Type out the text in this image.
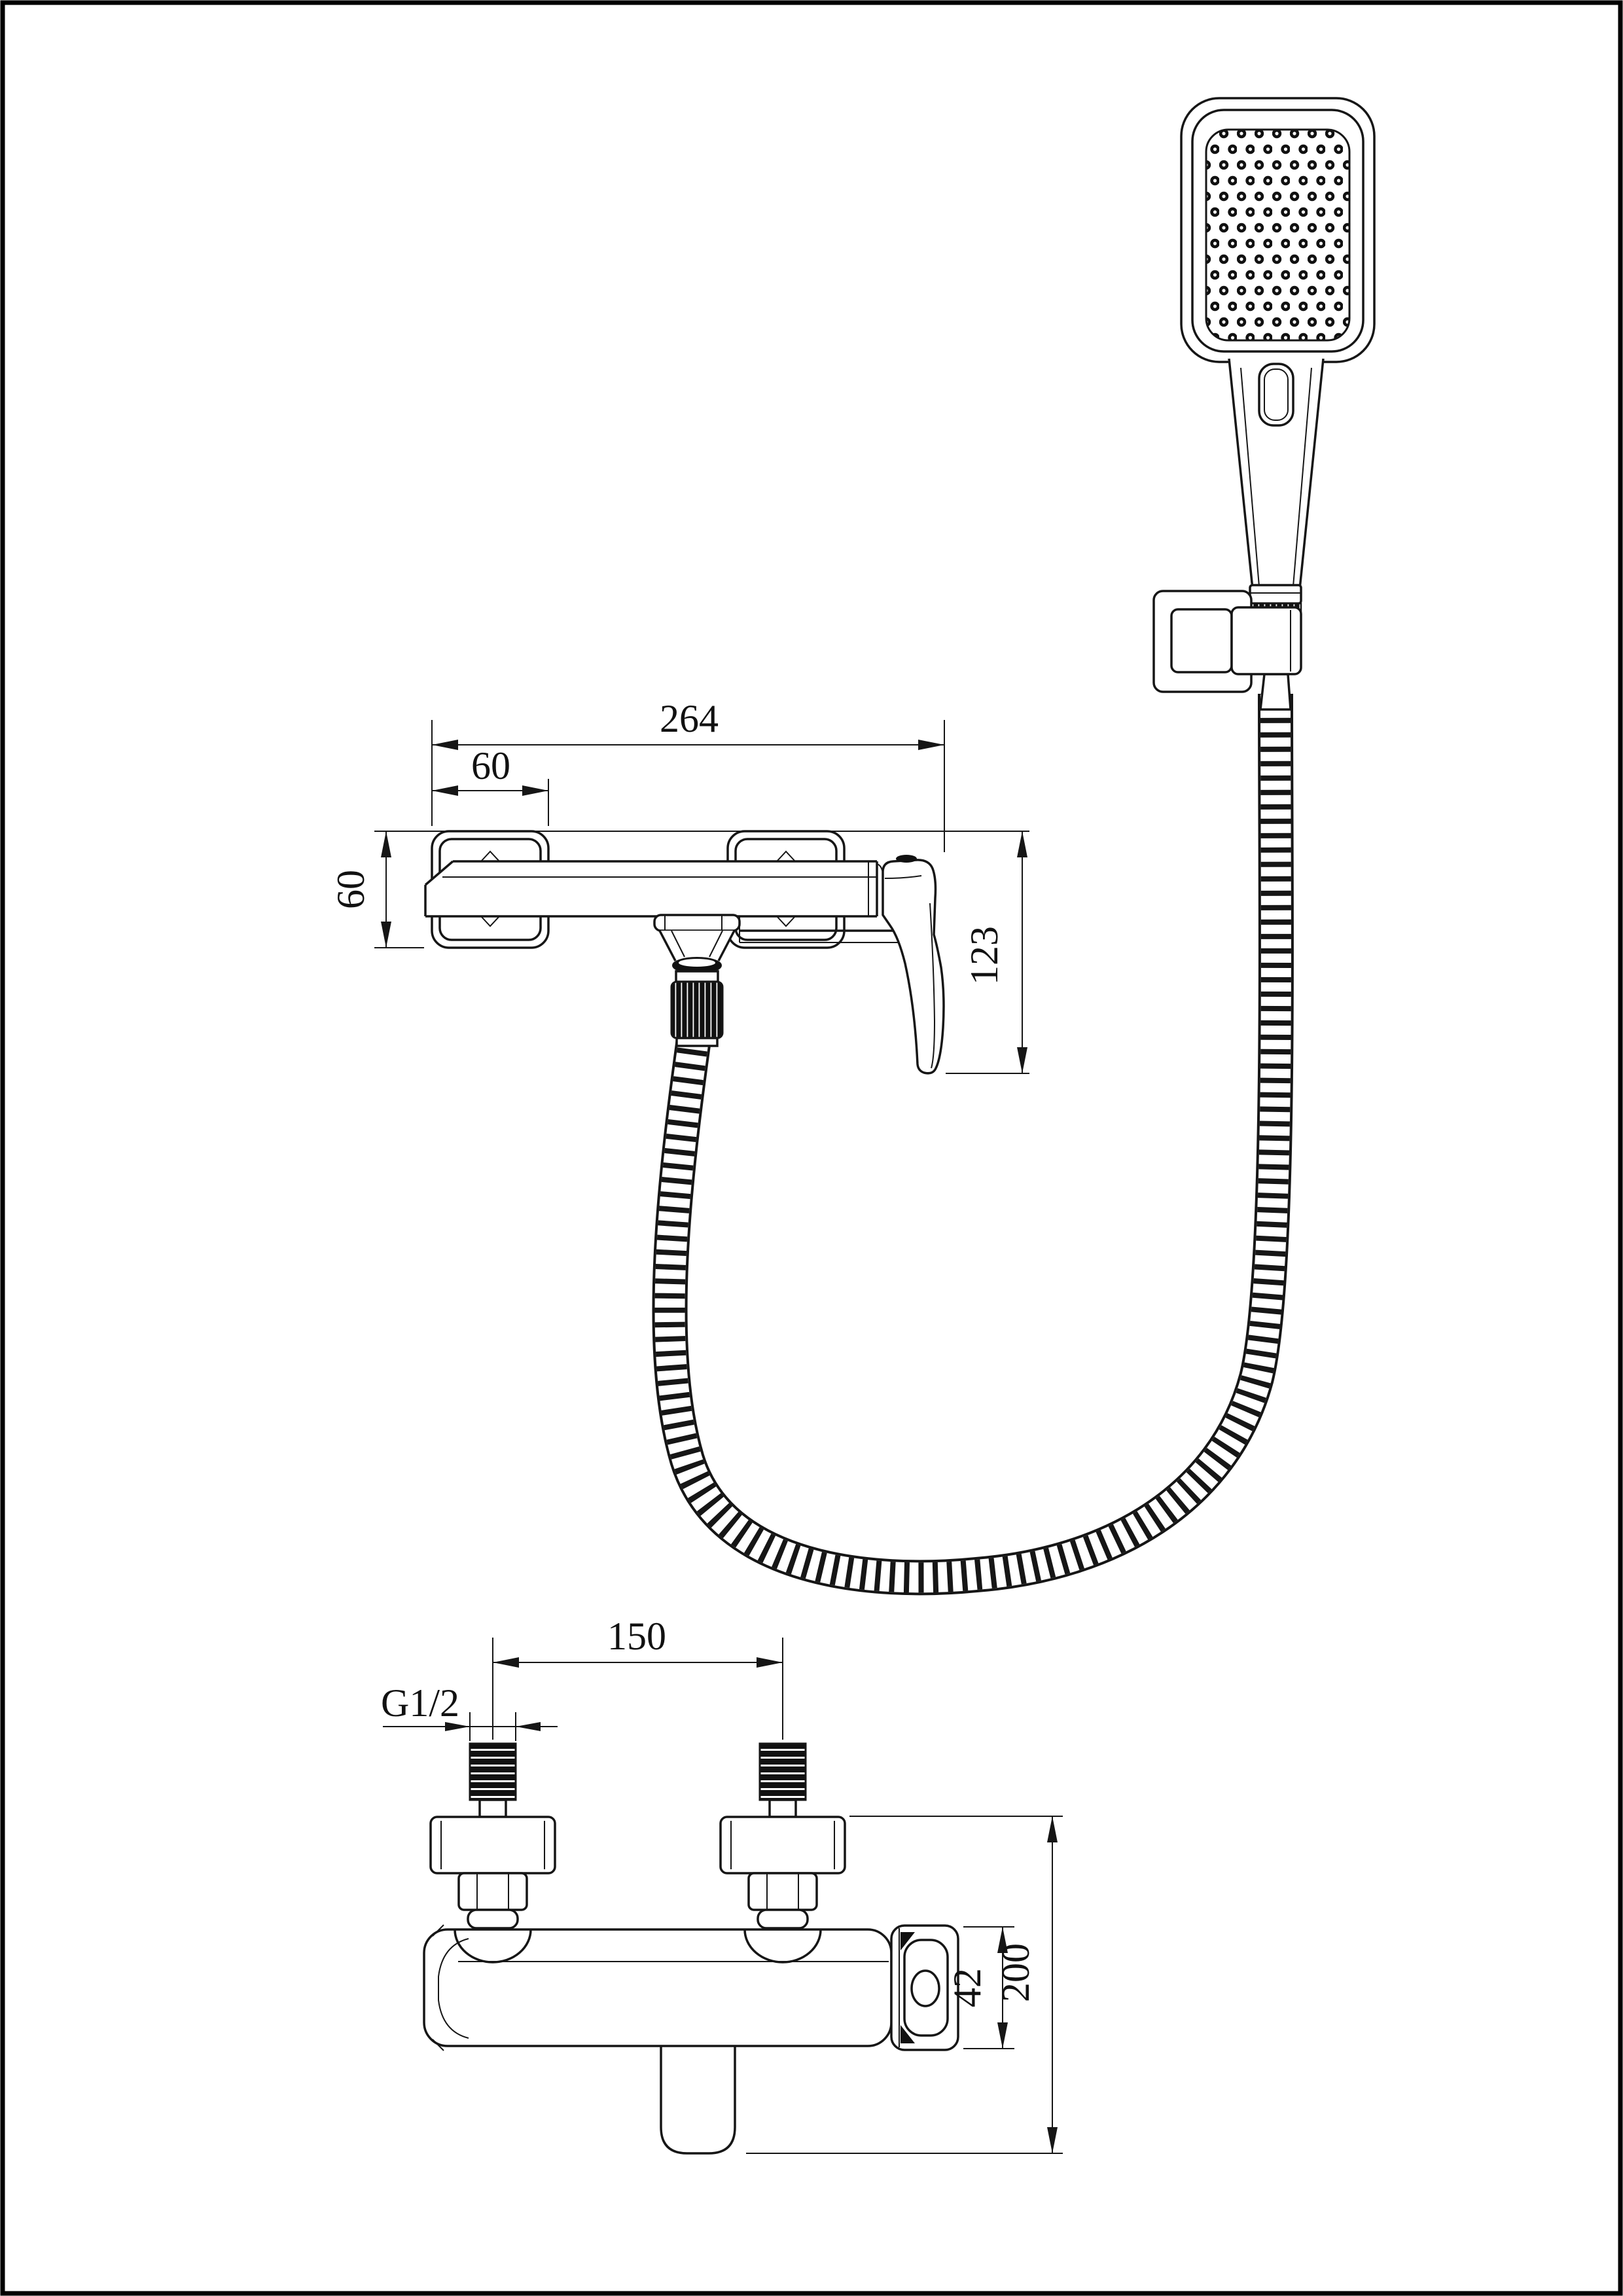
264
60
60
123
150
G1/2
42 200
